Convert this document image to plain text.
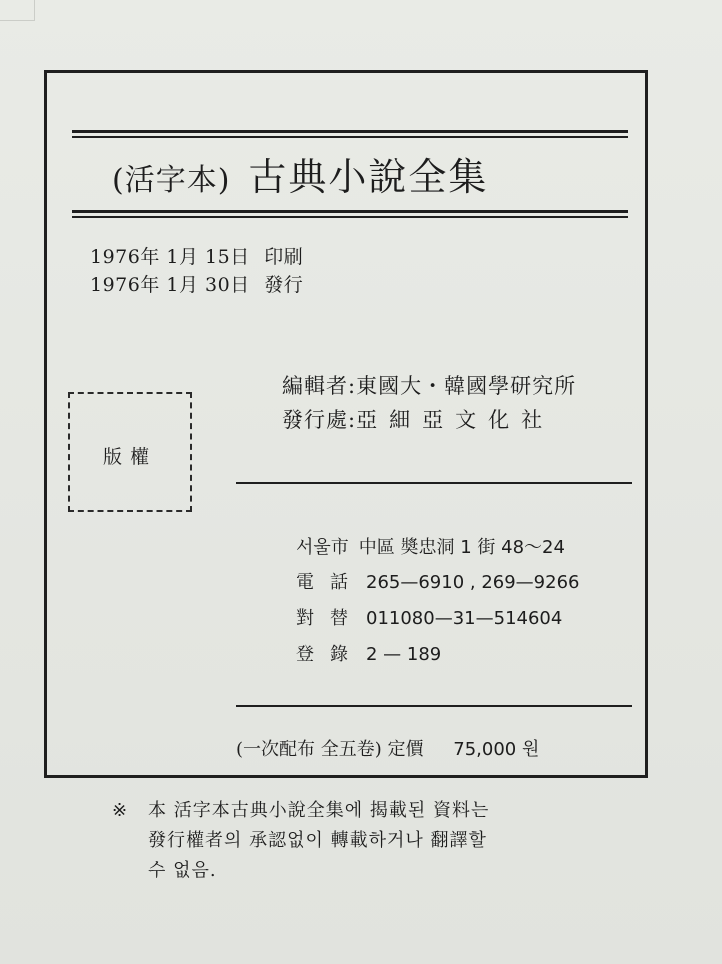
(活字本) 古典小說全集
1976年 1月 15日 印刷
1976年 1月 30日 發行
編輯者:東國大・韓國學研究所
發行處:亞細亞文化社
版權
서울市 中區 奬忠洞 1 街 48〜24
電話 265—6910 , 269—9266
對替 011080—31—514604
登錄 2 — 189
(一次配布 全五卷) 定價 75,000 원
※	本 活字本古典小說全集에 揭載된 資料는
發行權者의 承認없이 轉載하거나 翻譯할
수 없음.
